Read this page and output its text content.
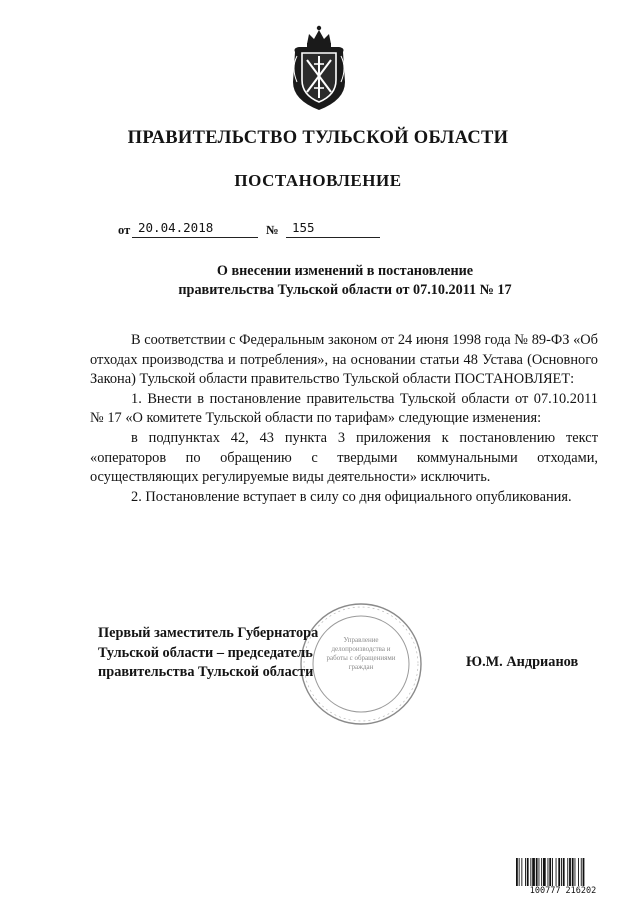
ПРАВИТЕЛЬСТВО ТУЛЬСКОЙ ОБЛАСТИ
ПОСТАНОВЛЕНИЕ
от 20.04.2018	№	155
О внесении изменений в постановление
правительства Тульской области от 07.10.2011 № 17

В соответствии с Федеральным законом от 24 июня 1998 года № 89-ФЗ «Об отходах производства и потребления», на основании статьи 48 Устава (Основного Закона) Тульской области правительство Тульской области ПОСТАНОВЛЯЕТ:

1. Внести в постановление правительства Тульской области от 07.10.2011 № 17 «О комитете Тульской области по тарифам» следующие изменения:

в подпунктах 42, 43 пункта 3 приложения к постановлению текст «операторов по обращению с твердыми коммунальными отходами, осуществляющих регулируемые виды деятельности» исключить.

2. Постановление вступает в силу со дня официального опубликования.

Управление делопроизводства и работы с обращениями граждан
Первый заместитель Губернатора
Тульской области – председатель
правительства Тульской области
Ю.М. Андрианов
100777 216202
